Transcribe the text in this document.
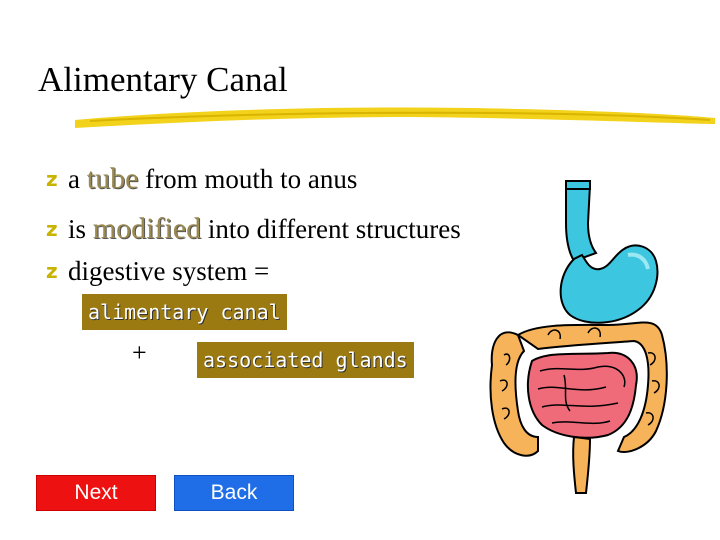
Alimentary Canal
z a tube from mouth to anus
z is modified into different structures
z digestive system =
alimentary canal
+	associated glands
Next	Back
